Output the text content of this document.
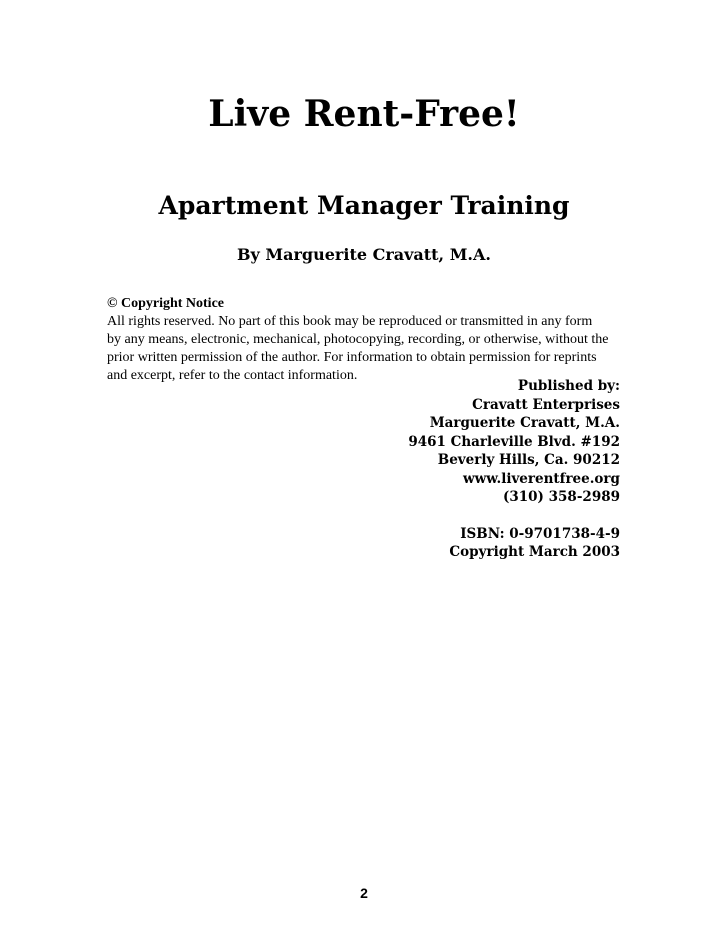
Live Rent-Free!
Apartment Manager Training
By Marguerite Cravatt, M.A.
© Copyright Notice
All rights reserved. No part of this book may be reproduced or transmitted in any form
by any means, electronic, mechanical, photocopying, recording, or otherwise, without the
prior written permission of the author. For information to obtain permission for reprints
and excerpt, refer to the contact information.
Published by:
Cravatt Enterprises
Marguerite Cravatt, M.A.
9461 Charleville Blvd. #192
Beverly Hills, Ca. 90212
www.liverentfree.org
(310) 358-2989
ISBN: 0-9701738-4-9
Copyright March 2003
2
